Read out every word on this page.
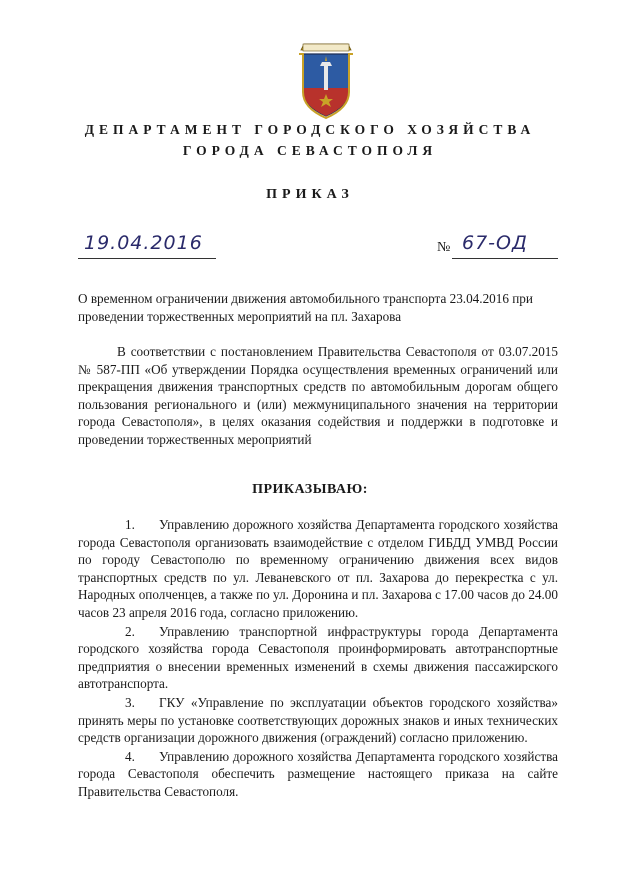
ДЕПАРТАМЕНТ ГОРОДСКОГО ХОЗЯЙСТВА

ГОРОДА СЕВАСТОПОЛЯ

ПРИКАЗ

19.04.2016	№ 67-ОД

О временном ограничении движения автомобильного транспорта 23.04.2016 при проведении торжественных мероприятий на пл. Захарова

В соответствии с постановлением Правительства Севастополя от 03.07.2015 № 587-ПП «Об утверждении Порядка осуществления временных ограничений или прекращения движения транспортных средств по автомобильным дорогам общего пользования регионального и (или) межмуниципального значения на территории города Севастополя», в целях оказания содействия и поддержки в подготовке и проведении торжественных мероприятий

ПРИКАЗЫВАЮ:

1. Управлению дорожного хозяйства Департамента городского хозяйства города Севастополя организовать взаимодействие с отделом ГИБДД УМВД России по городу Севастополю по временному ограничению движения всех видов транспортных средств по ул. Леваневского от пл. Захарова до перекрестка с ул. Народных ополченцев, а также по ул. Доронина и пл. Захарова с 17.00 часов до 24.00 часов 23 апреля 2016 года, согласно приложению.

2. Управлению транспортной инфраструктуры города Департамента городского хозяйства города Севастополя проинформировать автотранспортные предприятия о внесении временных изменений в схемы движения пассажирского автотранспорта.

3. ГКУ «Управление по эксплуатации объектов городского хозяйства» принять меры по установке соответствующих дорожных знаков и иных технических средств организации дорожного движения (ограждений) согласно приложению.

4. Управлению дорожного хозяйства Департамента городского хозяйства города Севастополя обеспечить размещение настоящего приказа на сайте Правительства Севастополя.
